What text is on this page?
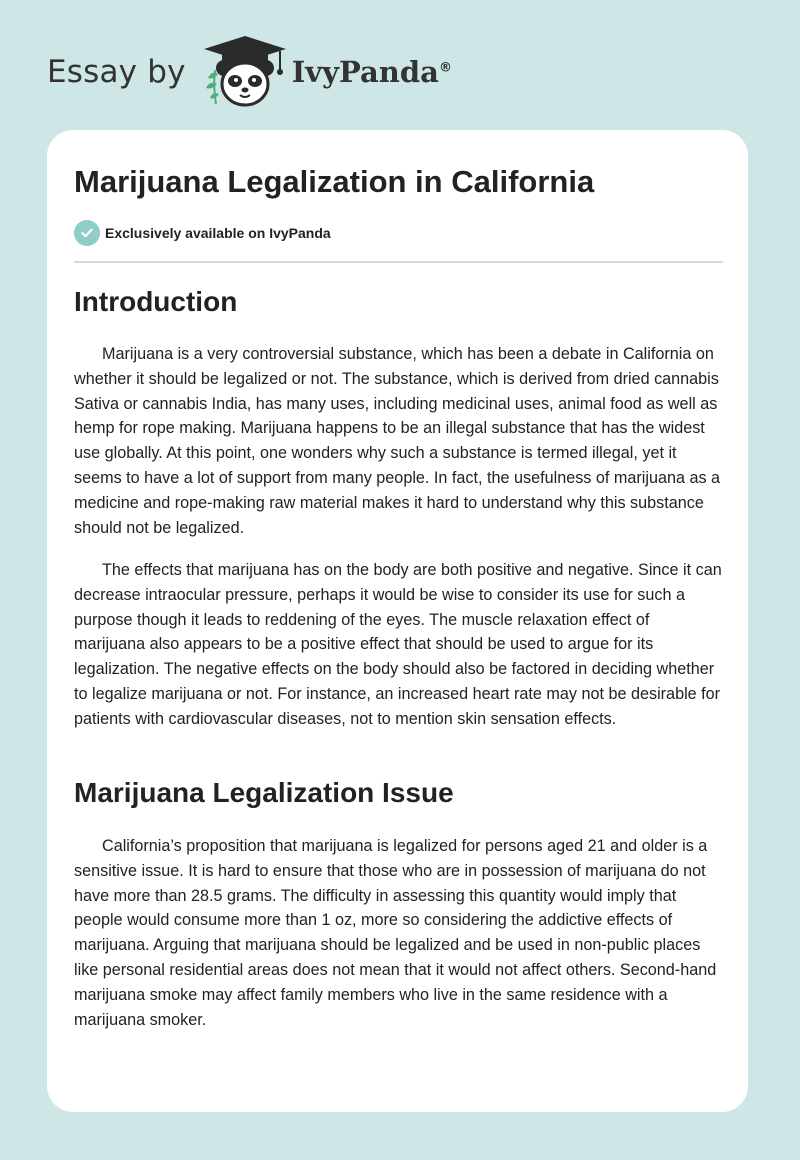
Essay by	IvyPanda®
Marijuana Legalization in California
Exclusively available on IvyPanda
Introduction

Marijuana is a very controversial substance, which has been a debate in California on whether it should be legalized or not. The substance, which is derived from dried cannabis Sativa or cannabis India, has many uses, including medicinal uses, animal food as well as hemp for rope making. Marijuana happens to be an illegal substance that has the widest use globally. At this point, one wonders why such a substance is termed illegal, yet it seems to have a lot of support from many people. In fact, the usefulness of marijuana as a medicine and rope-making raw material makes it hard to understand why this substance should not be legalized.

The effects that marijuana has on the body are both positive and negative. Since it can decrease intraocular pressure, perhaps it would be wise to consider its use for such a purpose though it leads to reddening of the eyes. The muscle relaxation effect of marijuana also appears to be a positive effect that should be used to argue for its legalization. The negative effects on the body should also be factored in deciding whether to legalize marijuana or not. For instance, an increased heart rate may not be desirable for patients with cardiovascular diseases, not to mention skin sensation effects.

Marijuana Legalization Issue

California’s proposition that marijuana is legalized for persons aged 21 and older is a sensitive issue. It is hard to ensure that those who are in possession of marijuana do not have more than 28.5 grams. The difficulty in assessing this quantity would imply that people would consume more than 1 oz, more so considering the addictive effects of marijuana. Arguing that marijuana should be legalized and be used in non-public places like personal residential areas does not mean that it would not affect others. Second-hand marijuana smoke may affect family members who live in the same residence with a marijuana smoker.
